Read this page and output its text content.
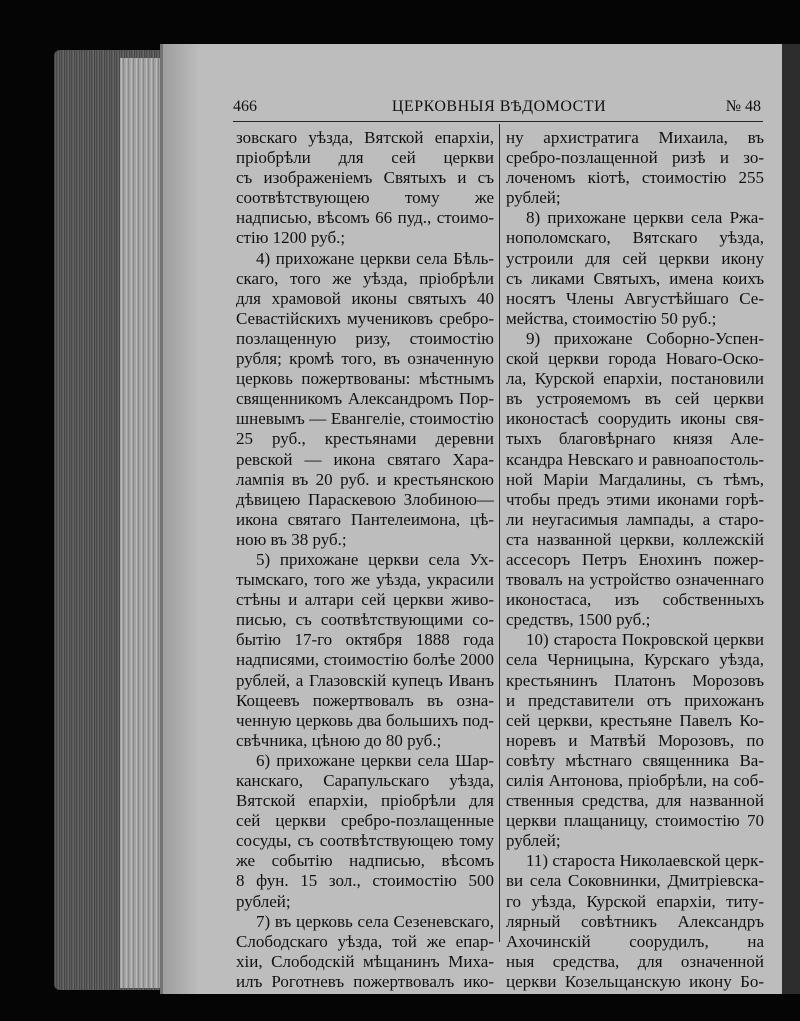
466	ЦЕРКОВНЫЯ ВѢДОМОСТИ	№ 48
зовскаго уѣзда, Вятской епархіи,
пріобрѣли для сей церкви
съ изображеніемъ Святыхъ и съ
соотвѣтствующею тому же
надписью, вѣсомъ 66 пуд., стоимо-
стію 1200 руб.;
4) прихожане церкви села Бѣль-
скаго, того же уѣзда, пріобрѣли
для храмовой иконы святыхъ 40
Севастійскихъ мучениковъ сребро-
позлащенную ризу, стоимостію
рубля; кромѣ того, въ означенную
церковь пожертвованы: мѣстнымъ
священникомъ Александромъ Пор-
шневымъ — Евангеліе, стоимостію
25 руб., крестьянами деревни
ревской — икона святаго Хара-
лампія въ 20 руб. и крестьянскою
дѣвицею Параскевою Злобиною—
икона святаго Пантелеимона, цѣ-
ною въ 38 руб.;
5) прихожане церкви села Ух-
тымскаго, того же уѣзда, украсили
стѣны и алтари сей церкви живо-
писью, съ соотвѣтствующими со-
бытію 17-го октября 1888 года
надписями, стоимостію болѣе 2000
рублей, а Глазовскій купецъ Иванъ
Кощеевъ пожертвовалъ въ озна-
ченную церковь два большихъ под-
свѣчника, цѣною до 80 руб.;
6) прихожане церкви села Шар-
канскаго, Сарапульскаго уѣзда,
Вятской епархіи, пріобрѣли для
сей церкви сребро-позлащенные
сосуды, съ соотвѣтствующею тому
же событію надписью, вѣсомъ
8 фун. 15 зол., стоимостію 500
рублей;
7) въ церковь села Сезеневскаго,
Слободскаго уѣзда, той же епар-
хіи, Слободскій мѣщанинъ Миха-
илъ Роготневъ пожертвовалъ ико-
ну архистратига Михаила, въ
сребро-позлащенной ризѣ и зо-
лоченомъ кіотѣ, стоимостію 255
рублей;
8) прихожане церкви села Ржа-
нополомскаго, Вятскаго уѣзда,
устроили для сей церкви икону
съ ликами Святыхъ, имена коихъ
носятъ Члены Августѣйшаго Се-
мейства, стоимостію 50 руб.;
9) прихожане Соборно-Успен-
ской церкви города Новаго-Оско-
ла, Курской епархіи, постановили
въ устрояемомъ въ сей церкви
иконостасѣ соорудить иконы свя-
тыхъ благовѣрнаго князя Але-
ксандра Невскаго и равноапостоль-
ной Маріи Магдалины, съ тѣмъ,
чтобы предъ этими иконами горѣ-
ли неугасимыя лампады, а старо-
ста названной церкви, коллежскій
ассесоръ Петръ Енохинъ пожер-
твовалъ на устройство означеннаго
иконостаса, изъ собственныхъ
средствъ, 1500 руб.;
10) староста Покровской церкви
села Черницына, Курскаго уѣзда,
крестьянинъ Платонъ Морозовъ
и представители отъ прихожанъ
сей церкви, крестьяне Павелъ Ко-
норевъ и Матвѣй Морозовъ, по
совѣту мѣстнаго священника Ва-
силія Антонова, пріобрѣли, на соб-
ственныя средства, для названной
церкви плащаницу, стоимостію 70
рублей;
11) староста Николаевской церк-
ви села Соковнинки, Дмитріевска-
го уѣзда, Курской епархіи, титу-
лярный совѣтникъ Александръ
Ахочинскій соорудилъ, на
ныя средства, для означенной
церкви Козельщанскую икону Бо-
